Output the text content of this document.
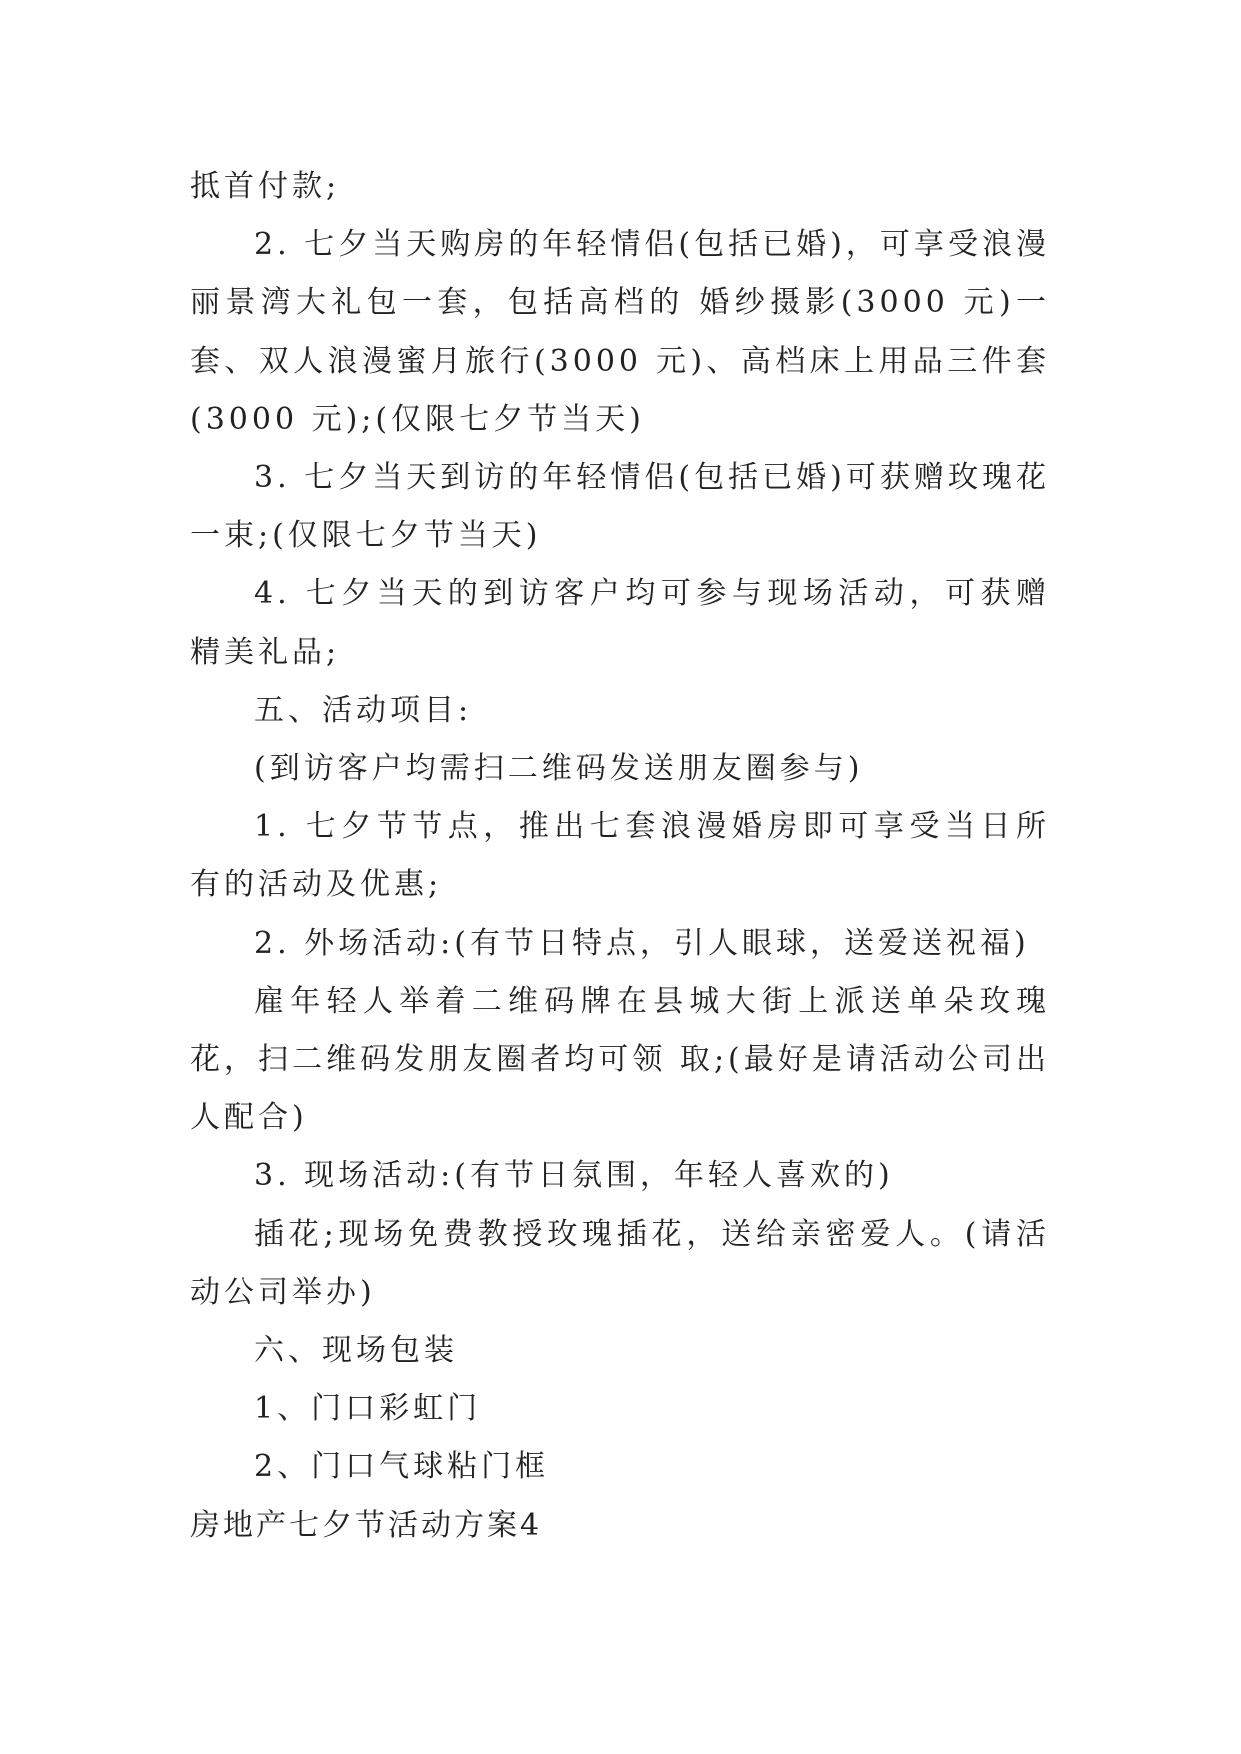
抵首付款;

2. 七夕当天购房的年轻情侣(包括已婚)，可享受浪漫丽景湾大礼包一套，包括高档的 婚纱摄影(3000 元)一套、双人浪漫蜜月旅行(3000 元)、高档床上用品三件套(3000 元);(仅限七夕节当天)

3. 七夕当天到访的年轻情侣(包括已婚)可获赠玫瑰花一束;(仅限七夕节当天)

4. 七夕当天的到访客户均可参与现场活动，可获赠精美礼品;

五、活动项目:

(到访客户均需扫二维码发送朋友圈参与)

1. 七夕节节点，推出七套浪漫婚房即可享受当日所有的活动及优惠;

2. 外场活动:(有节日特点，引人眼球，送爱送祝福)

雇年轻人举着二维码牌在县城大街上派送单朵玫瑰花，扫二维码发朋友圈者均可领 取;(最好是请活动公司出人配合)

3. 现场活动:(有节日氛围，年轻人喜欢的)

插花;现场免费教授玫瑰插花，送给亲密爱人。(请活动公司举办)

六、现场包装

1、门口彩虹门

2、门口气球粘门框

房地产七夕节活动方案4
